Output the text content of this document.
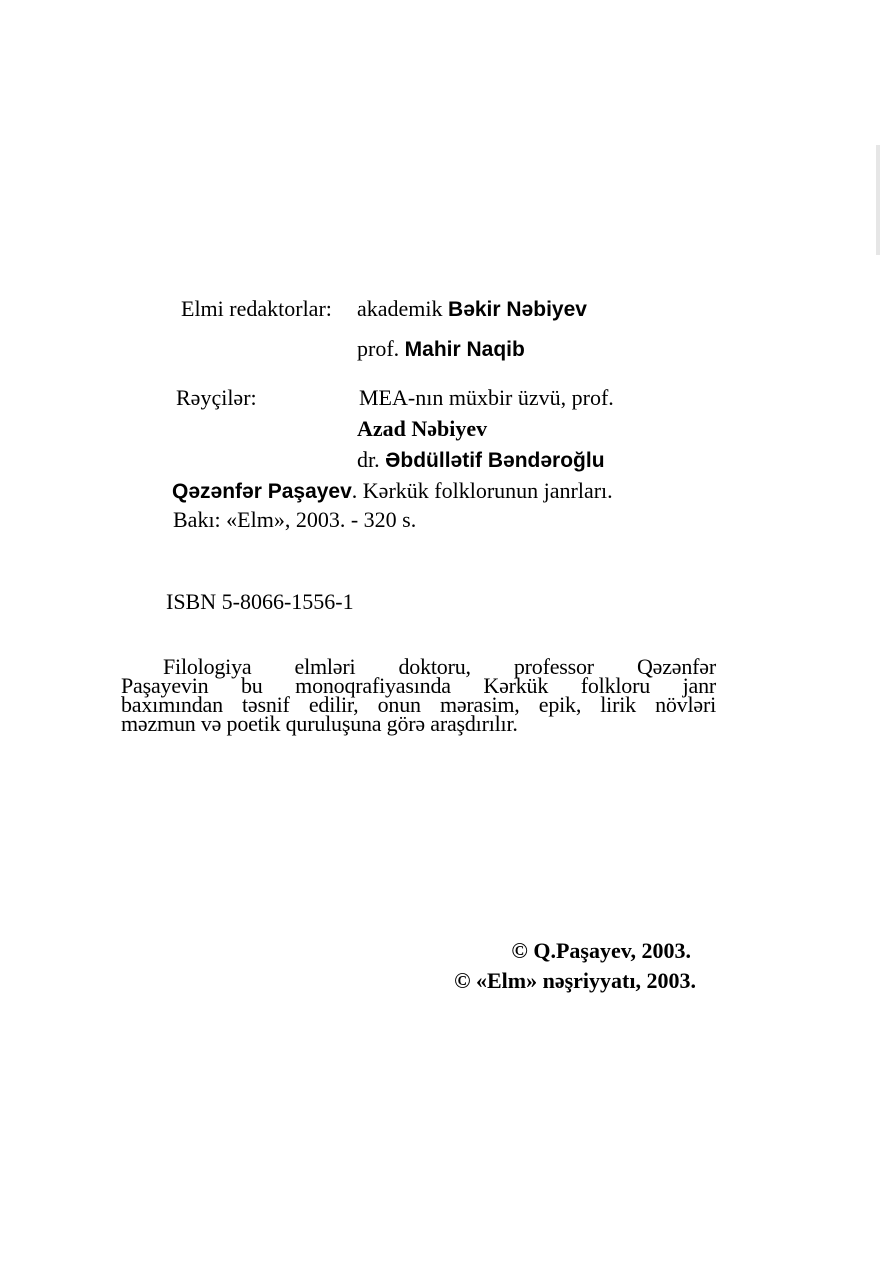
Elmi redaktorlar: akademik Bəkir Nəbiyev
prof. Mahir Naqib
Rəyçilər:	MEA-nın müxbir üzvü, prof.
Azad Nəbiyev
dr. Əbdüllətif Bəndəroğlu
Qəzənfər Paşayev. Kərkük folklorunun janrları.
Bakı: «Elm», 2003. - 320 s.
ISBN 5-8066-1556-1
Filologiya elmləri doktoru, professor Qəzənfər
Paşayevin bu monoqrafiyasında Kərkük folkloru janr
baxımından təsnif edilir, onun mərasim, epik, lirik növləri
məzmun və poetik quruluşuna görə araşdırılır.
© Q.Paşayev, 2003.
© «Elm» nəşriyyatı, 2003.
